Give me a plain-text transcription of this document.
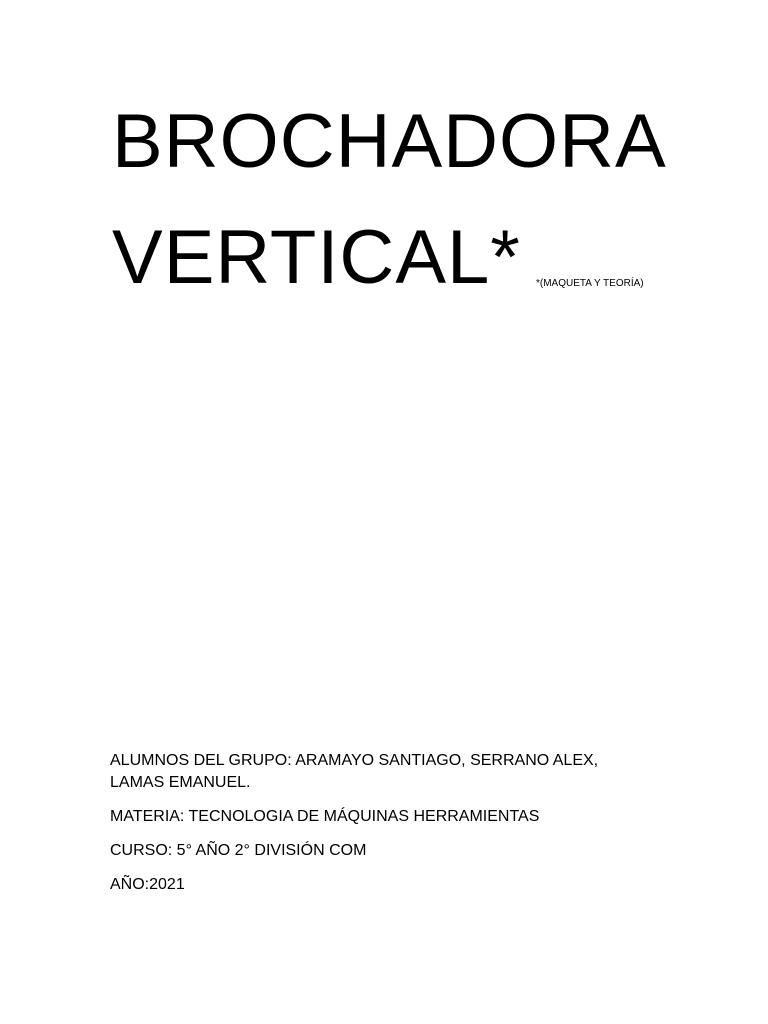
BROCHADORA
VERTICAL* *(MAQUETA Y TEORÍA)
ALUMNOS DEL GRUPO: ARAMAYO SANTIAGO, SERRANO ALEX,
LAMAS EMANUEL.
MATERIA: TECNOLOGIA DE MÁQUINAS HERRAMIENTAS
CURSO: 5° AÑO 2° DIVISIÓN COM
AÑO:2021
